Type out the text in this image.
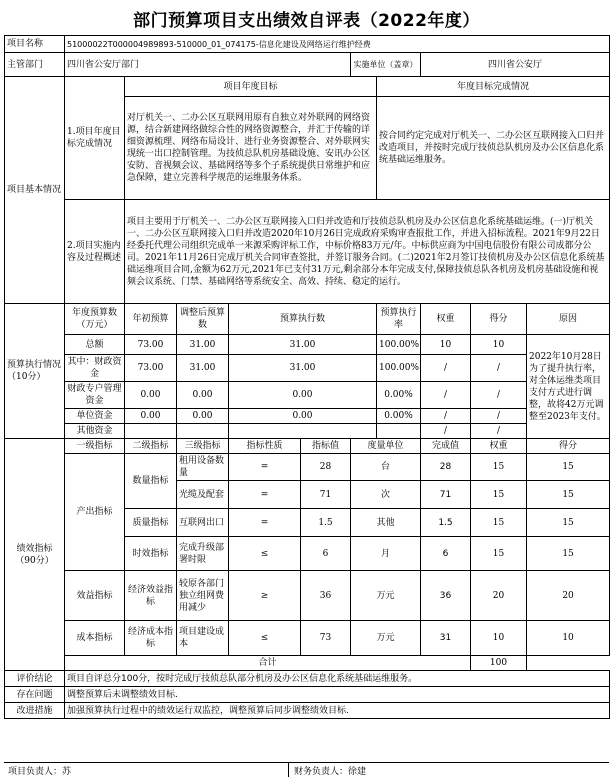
部门预算项目支出绩效自评表（2022年度）
项目名称	51000022T000004989893-510000_01_074175-信息化建设及网络运行维护经费									
主管部门	四川省公安厅部门					实施单位（盖章）		四川省公安厅		
项目基本情况	1.项目年度目标完成情况	项目年度目标					年度目标完成情况			
		对厅机关一、二办公区互联网用原有自独立对外联网的网络资源，结合新建网络做综合性的网络资源整合，并汇于传输的详细资源梳理、网络布局设计、进行业务资源整合、对外联网实现统一出口控制管理。为技侦总队机房基础设施、安讯办公区安防、音视频会议、基础网络等多个子系统提供日常维护和应急保障，建立完善科学规范的运维服务体系。					按合同约定完成对厅机关一、二办公区互联网接入口归并改造项目，并按时完成厅技侦总队机房及办公区信息化系统基础运维服务。			
	2.项目实施内容及过程概述	项目主要用于厅机关一、二办公区互联网接入口归并改造和厅技侦总队机房及办公区信息化系统基础运维。(一)厅机关一、二办公区互联网接入口归并改造2020年10月26日完成政府采购审查报批工作，并进入招标流程。2021年9月22日经委托代理公司组织完成单一来源采购评标工作，中标价格83万元/年。中标供应商为中国电信股份有限公司成都分公司。2021年11月26日完成厅机关合同审查签批，并签订服务合同。(二)2021年2月签订技侦机房及办公区信息化系统基础运维项目合同,金额为62万元,2021年已支付31万元,剩余部分本年完成支付,保障技侦总队各机房及机房基础设施和视频会议系统、门禁、基础网络等系统安全、高效、持续、稳定的运行。								
预算执行情况（10分）	年度预算数（万元）	年初预算	调整后预算数	预算执行数			预算执行率	权重	得分	原因
	总额	73.00	31.00	31.00			100.00%	10	10	2022年10月28日为了提升执行率，对全体运维类项目支付方式进行调整，故将42万元调整至2023年支付。
	其中：财政资金	73.00	31.00	31.00			100.00%	/	/	
	财政专户管理资金	0.00	0.00	0.00			0.00%	/	/	
	单位资金	0.00	0.00	0.00			0.00%	/	/	
	其他资金							/	/	
绩效指标（90分）	一级指标	二级指标	三级指标	指标性质	指标值	度量单位		完成值	权重	得分
	产出指标	数量指标	租用设备数量	=	28	台		28	15	15
			光缆及配套	=	71	次		71	15	15
		质量指标	互联网出口	=	1.5	其他		1.5	15	15
		时效指标	完成升级部署时限	≤	6	月		6	15	15
	效益指标	经济效益指标	较原各部门独立组网费用减少	≥	36	万元		36	20	20
	成本指标	经济成本指标	项目建设成本	≤	73	万元		31	10	10
	合计								100	
评价结论	项目自评总分100分，按时完成厅技侦总队部分机房及办公区信息化系统基础运维服务。									
存在问题	调整预算后未调整绩效目标.									
改进措施	加强预算执行过程中的绩效运行双监控，调整预算后同步调整绩效目标.									
项目负责人：苏	财务负责人：徐建
